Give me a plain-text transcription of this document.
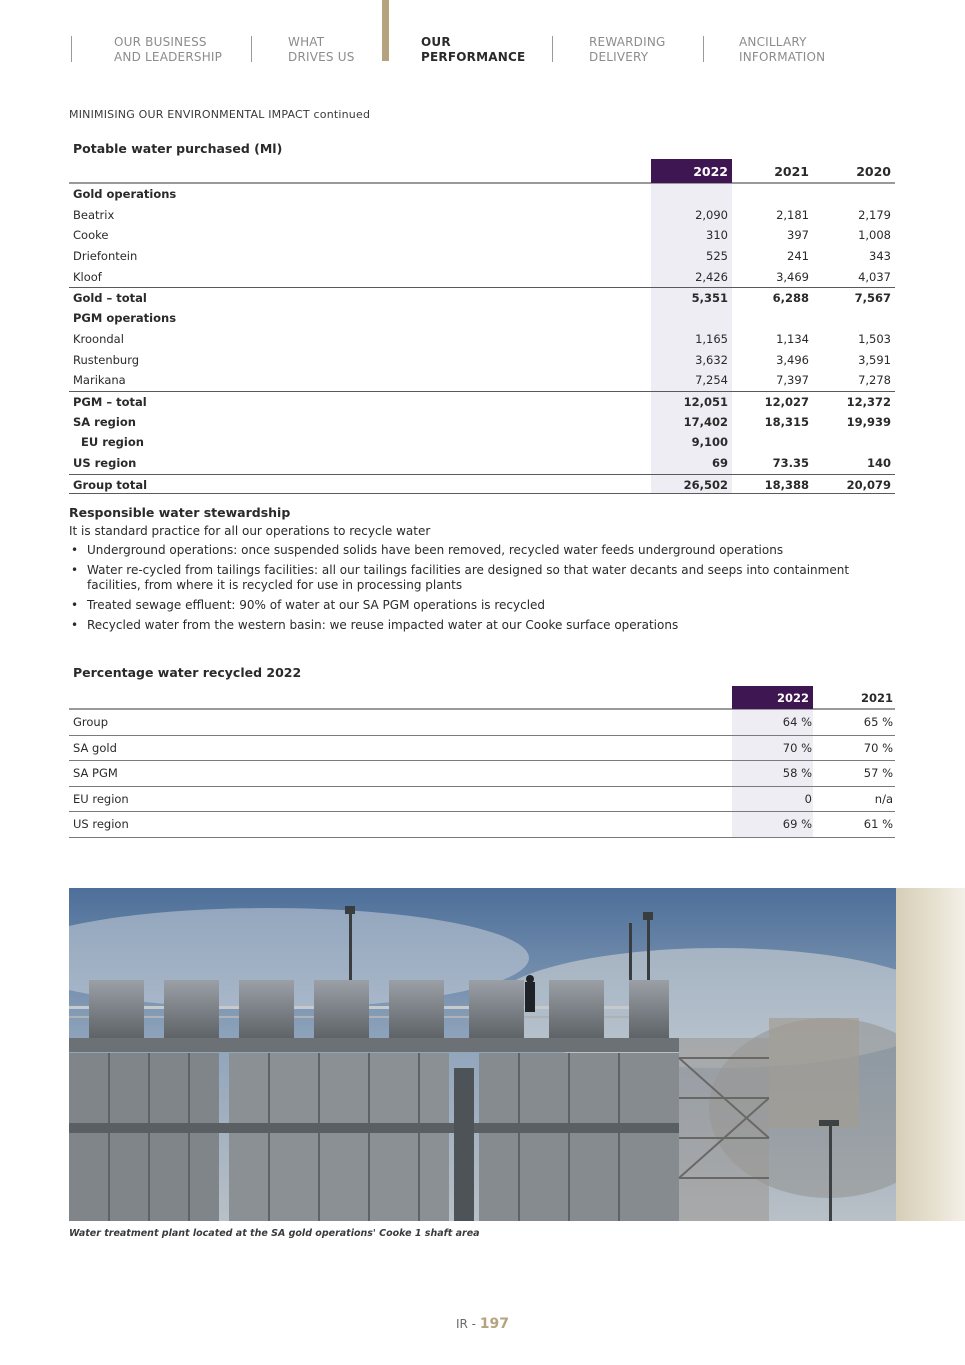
OUR BUSINESS
AND LEADERSHIP
WHAT
DRIVES US
OUR
PERFORMANCE
REWARDING
DELIVERY
ANCILLARY
INFORMATION
MINIMISING OUR ENVIRONMENTAL IMPACT continued
Potable water purchased (Ml)
2022	2021	2020
Gold operations
Beatrix	2,090	2,181	2,179
Cooke	310	397	1,008
Driefontein	525	241	343
Kloof	2,426	3,469	4,037
Gold – total	5,351	6,288	7,567
PGM operations
Kroondal	1,165	1,134	1,503
Rustenburg	3,632	3,496	3,591
Marikana	7,254	7,397	7,278
PGM – total	12,051	12,027	12,372
SA region	17,402	18,315	19,939
EU region	9,100
US region	69	73.35	140
Group total	26,502	18,388	20,079
Responsible water stewardship

It is standard practice for all our operations to recycle water

• Underground operations: once suspended solids have been removed, recycled water feeds underground operations
• Water re-cycled from tailings facilities: all our tailings facilities are designed so that water decants and seeps into containment facilities, from where it is recycled for use in processing plants
• Treated sewage effluent: 90% of water at our SA PGM operations is recycled
• Recycled water from the western basin: we reuse impacted water at our Cooke surface operations
Percentage water recycled 2022
2022	2021
Group	64 %	65 %
SA gold	70 %	70 %
SA PGM	58 %	57 %
EU region	0	n/a
US region	69 %	61 %
Water treatment plant located at the SA gold operations' Cooke 1 shaft area
IR - 197
